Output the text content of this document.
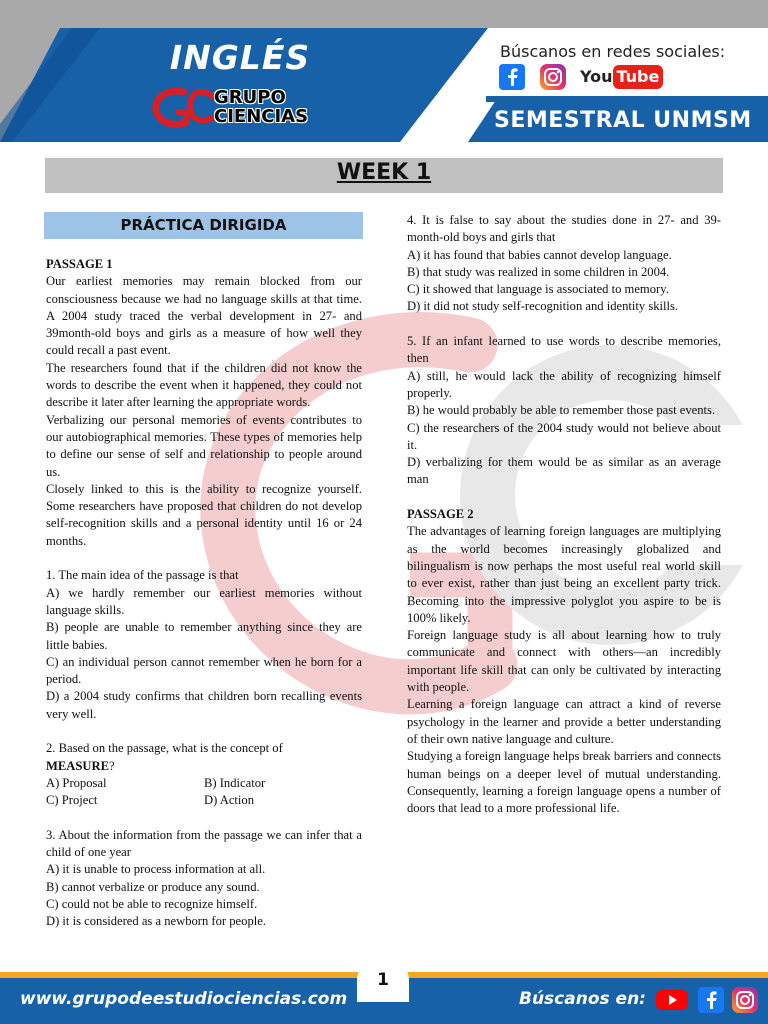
INGLÉS
GRUPO
CIENCIAS
Búscanos en redes sociales:
You Tube
SEMESTRAL UNMSM
WEEK 1
PRÁCTICA DIRIGIDA

PASSAGE 1

Our earliest memories may remain blocked from our consciousness because we had no language skills at that time. A 2004 study traced the verbal development in 27- and 39month-old boys and girls as a measure of how well they could recall a past event.

The researchers found that if the children did not know the words to describe the event when it happened, they could not describe it later after learning the appropriate words.

Verbalizing our personal memories of events contributes to our autobiographical memories. These types of memories help to define our sense of self and relationship to people around us.

Closely linked to this is the ability to recognize yourself. Some researchers have proposed that children do not develop self-recognition skills and a personal identity until 16 or 24 months.

1. The main idea of the passage is that

A) we hardly remember our earliest memories without language skills.

B) people are unable to remember anything since they are little babies.

C) an individual person cannot remember when he born for a period.

D) a 2004 study confirms that children born recalling events very well.

2. Based on the passage, what is the concept of
MEASURE?

A) Proposal	B) Indicator

C) Project	D) Action

3. About the information from the passage we can infer that a child of one year

A) it is unable to process information at all.

B) cannot verbalize or produce any sound.

C) could not be able to recognize himself.

D) it is considered as a newborn for people.

4. It is false to say about the studies done in 27- and 39-month-old boys and girls that

A) it has found that babies cannot develop language.

B) that study was realized in some children in 2004.

C) it showed that language is associated to memory.

D) it did not study self-recognition and identity skills.

5. If an infant learned to use words to describe memories, then

A) still, he would lack the ability of recognizing himself properly.

B) he would probably be able to remember those past events.

C) the researchers of the 2004 study would not believe about it.

D) verbalizing for them would be as similar as an average man

PASSAGE 2

The advantages of learning foreign languages are multiplying as the world becomes increasingly globalized and bilingualism is now perhaps the most useful real world skill to ever exist, rather than just being an excellent party trick. Becoming into the impressive polyglot you aspire to be is 100% likely.

Foreign language study is all about learning how to truly communicate and connect with others—an incredibly important life skill that can only be cultivated by interacting with people.

Learning a foreign language can attract a kind of reverse psychology in the learner and provide a better understanding of their own native language and culture.

Studying a foreign language helps break barriers and connects human beings on a deeper level of mutual understanding. Consequently, learning a foreign language opens a number of doors that lead to a more professional life.

www.grupodeestudiociencias.com
1
Búscanos en:
